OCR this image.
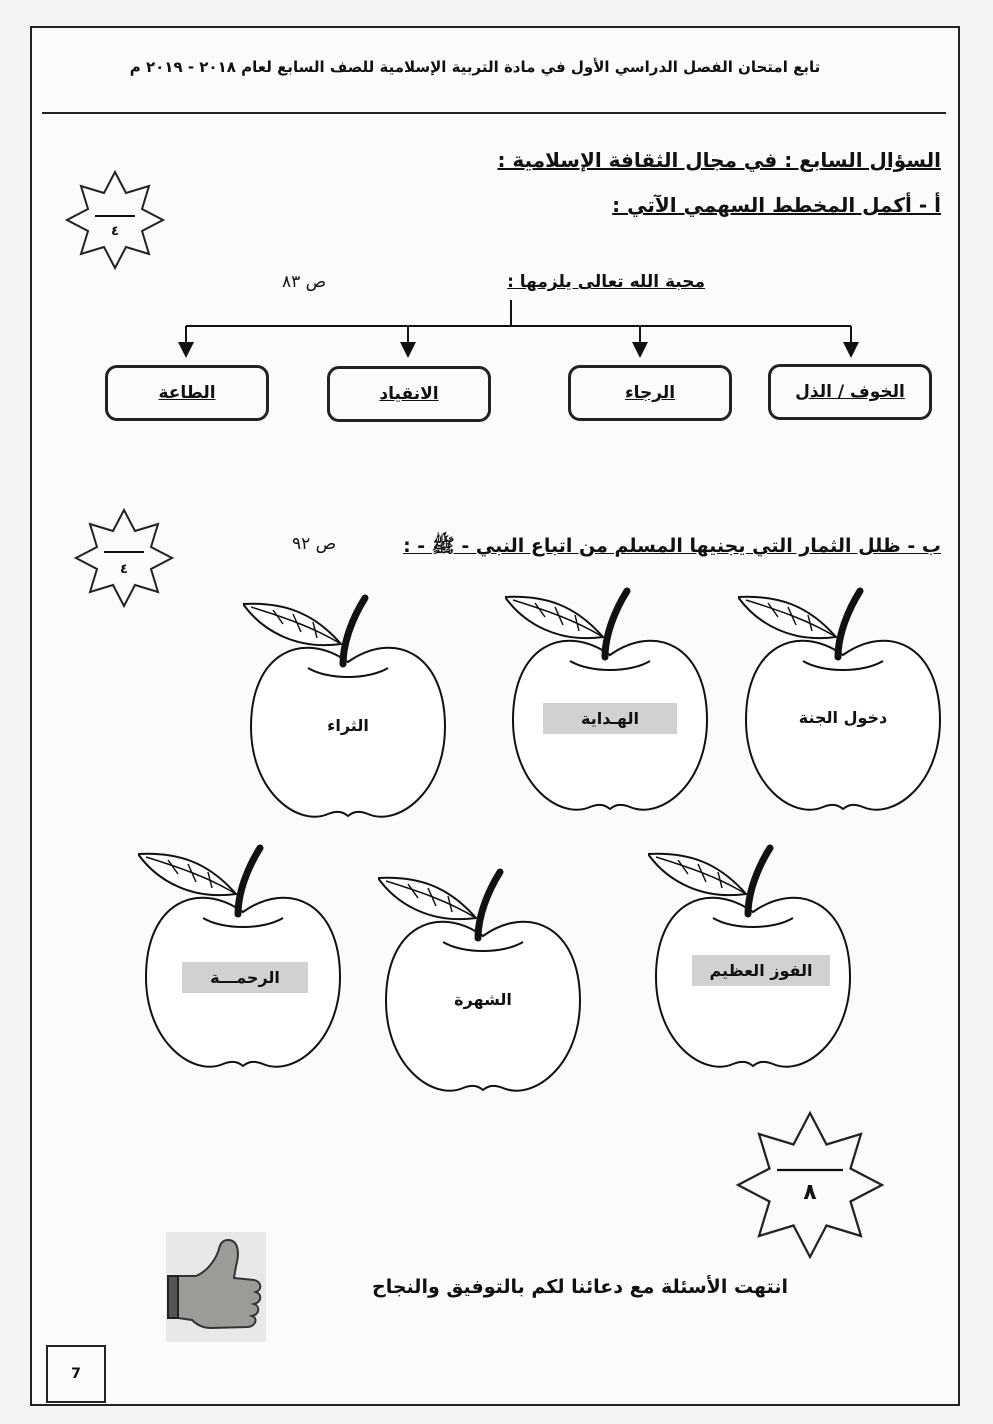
تابع امتحان الفصل الدراسي الأول في مادة التربية الإسلامية للصف السابع لعام ٢٠١٨ - ٢٠١٩ م
السؤال السابع : في مجال الثقافة الإسلامية :
أ - أكمل المخطط السهمي الآتي :
٤
محبة الله تعالى يلزمها :
ص ٨٣
الخوف / الذل
الرجاء
الانقياد
الطاعة
ب - ظلل الثمار التي يجنيها المسلم من اتباع النبي - ﷺ - :
ص ٩٢
٤
دخول الجنة
الهـداية
الثراء
الفوز العظيم
الشهرة
الرحمـــة
٨
انتهت الأسئلة مع دعائنا لكم بالتوفيق والنجاح
7
